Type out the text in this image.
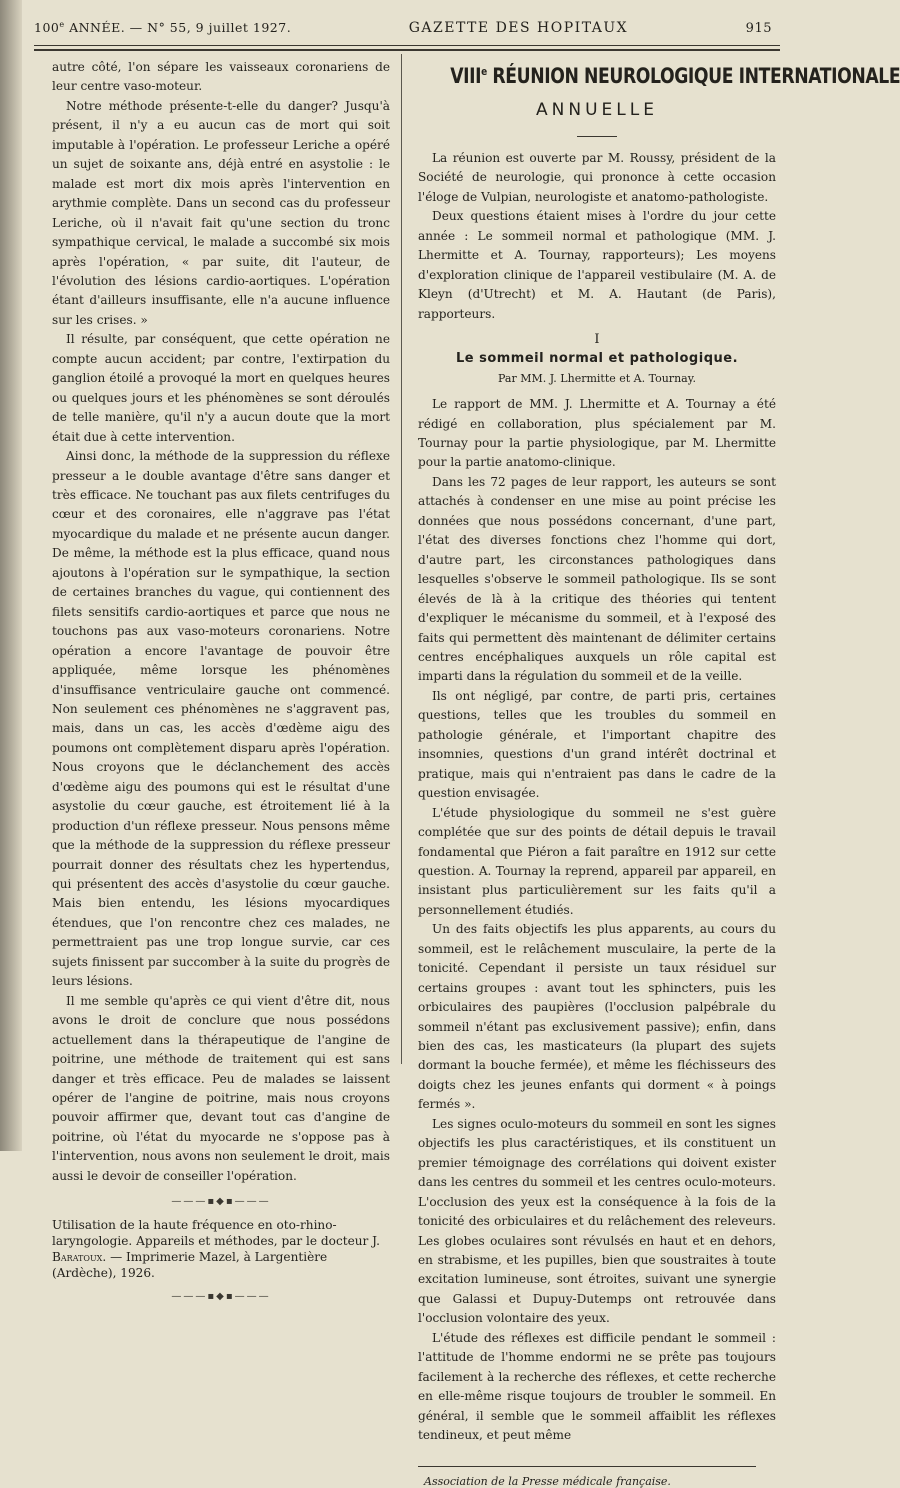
100e ANNÉE. — N° 55, 9 juillet 1927.	GAZETTE DES HOPITAUX	915

autre côté, l'on sépare les vaisseaux coronariens de leur centre vaso-moteur.

Notre méthode présente-t-elle du danger? Jusqu'à présent, il n'y a eu aucun cas de mort qui soit imputable à l'opération. Le professeur Leriche a opéré un sujet de soixante ans, déjà entré en asystolie : le malade est mort dix mois après l'intervention en arythmie complète. Dans un second cas du professeur Leriche, où il n'avait fait qu'une section du tronc sympathique cervical, le malade a succombé six mois après l'opération, « par suite, dit l'auteur, de l'évolution des lésions cardio-aortiques. L'opération étant d'ailleurs insuffisante, elle n'a aucune influence sur les crises. »

Il résulte, par conséquent, que cette opération ne compte aucun accident; par contre, l'extirpation du ganglion étoilé a provoqué la mort en quelques heures ou quelques jours et les phénomènes se sont déroulés de telle manière, qu'il n'y a aucun doute que la mort était due à cette intervention.

Ainsi donc, la méthode de la suppression du réflexe presseur a le double avantage d'être sans danger et très efficace. Ne touchant pas aux filets centrifuges du cœur et des coronaires, elle n'aggrave pas l'état myocardique du malade et ne présente aucun danger. De même, la méthode est la plus efficace, quand nous ajoutons à l'opération sur le sympathique, la section de certaines branches du vague, qui contiennent des filets sensitifs cardio-aortiques et parce que nous ne touchons pas aux vaso-moteurs coronariens. Notre opération a encore l'avantage de pouvoir être appliquée, même lorsque les phénomènes d'insuffisance ventriculaire gauche ont commencé. Non seulement ces phénomènes ne s'aggravent pas, mais, dans un cas, les accès d'œdème aigu des poumons ont complètement disparu après l'opération. Nous croyons que le déclanchement des accès d'œdème aigu des poumons qui est le résultat d'une asystolie du cœur gauche, est étroitement lié à la production d'un réflexe presseur. Nous pensons même que la méthode de la suppression du réflexe presseur pourrait donner des résultats chez les hypertendus, qui présentent des accès d'asystolie du cœur gauche. Mais bien entendu, les lésions myocardiques étendues, que l'on rencontre chez ces malades, ne permettraient pas une trop longue survie, car ces sujets finissent par succomber à la suite du progrès de leurs lésions.

Il me semble qu'après ce qui vient d'être dit, nous avons le droit de conclure que nous possédons actuellement dans la thérapeutique de l'angine de poitrine, une méthode de traitement qui est sans danger et très efficace. Peu de malades se laissent opérer de l'angine de poitrine, mais nous croyons pouvoir affirmer que, devant tout cas d'angine de poitrine, où l'état du myocarde ne s'oppose pas à l'intervention, nous avons non seulement le droit, mais aussi le devoir de conseiller l'opération.

———▪◆▪———

Utilisation de la haute fréquence en oto-rhino-laryngologie. Appareils et méthodes, par le docteur J. Baratoux. — Imprimerie Mazel, à Largentière (Ardèche), 1926.

———▪◆▪———
VIIIe RÉUNION NEUROLOGIQUE INTERNATIONALE
ANNUELLE

La réunion est ouverte par M. Roussy, président de la Société de neurologie, qui prononce à cette occasion l'éloge de Vulpian, neurologiste et anatomo-pathologiste.

Deux questions étaient mises à l'ordre du jour cette année : Le sommeil normal et pathologique (MM. J. Lhermitte et A. Tournay, rapporteurs); Les moyens d'exploration clinique de l'appareil vestibulaire (M. A. de Kleyn (d'Utrecht) et M. A. Hautant (de Paris), rapporteurs.

I
Le sommeil normal et pathologique.
Par MM. J. Lhermitte et A. Tournay.

Le rapport de MM. J. Lhermitte et A. Tournay a été rédigé en collaboration, plus spécialement par M. Tournay pour la partie physiologique, par M. Lhermitte pour la partie anatomo-clinique.

Dans les 72 pages de leur rapport, les auteurs se sont attachés à condenser en une mise au point précise les données que nous possédons concernant, d'une part, l'état des diverses fonctions chez l'homme qui dort, d'autre part, les circonstances pathologiques dans lesquelles s'observe le sommeil pathologique. Ils se sont élevés de là à la critique des théories qui tentent d'expliquer le mécanisme du sommeil, et à l'exposé des faits qui permettent dès maintenant de délimiter certains centres encéphaliques auxquels un rôle capital est imparti dans la régulation du sommeil et de la veille.

Ils ont négligé, par contre, de parti pris, certaines questions, telles que les troubles du sommeil en pathologie générale, et l'important chapitre des insomnies, questions d'un grand intérêt doctrinal et pratique, mais qui n'entraient pas dans le cadre de la question envisagée.

L'étude physiologique du sommeil ne s'est guère complétée que sur des points de détail depuis le travail fondamental que Piéron a fait paraître en 1912 sur cette question. A. Tournay la reprend, appareil par appareil, en insistant plus particulièrement sur les faits qu'il a personnellement étudiés.

Un des faits objectifs les plus apparents, au cours du sommeil, est le relâchement musculaire, la perte de la tonicité. Cependant il persiste un taux résiduel sur certains groupes : avant tout les sphincters, puis les orbiculaires des paupières (l'occlusion palpébrale du sommeil n'étant pas exclusivement passive); enfin, dans bien des cas, les masticateurs (la plupart des sujets dormant la bouche fermée), et même les fléchisseurs des doigts chez les jeunes enfants qui dorment « à poings fermés ».

Les signes oculo-moteurs du sommeil en sont les signes objectifs les plus caractéristiques, et ils constituent un premier témoignage des corrélations qui doivent exister dans les centres du sommeil et les centres oculo-moteurs. L'occlusion des yeux est la conséquence à la fois de la tonicité des orbiculaires et du relâchement des releveurs. Les globes oculaires sont révulsés en haut et en dehors, en strabisme, et les pupilles, bien que soustraites à toute excitation lumineuse, sont étroites, suivant une synergie que Galassi et Dupuy-Dutemps ont retrouvée dans l'occlusion volontaire des yeux.

L'étude des réflexes est difficile pendant le sommeil : l'attitude de l'homme endormi ne se prête pas toujours facilement à la recherche des réflexes, et cette recherche en elle-même risque toujours de troubler le sommeil. En général, il semble que le sommeil affaiblit les réflexes tendineux, et peut même

Association de la Presse médicale française.
